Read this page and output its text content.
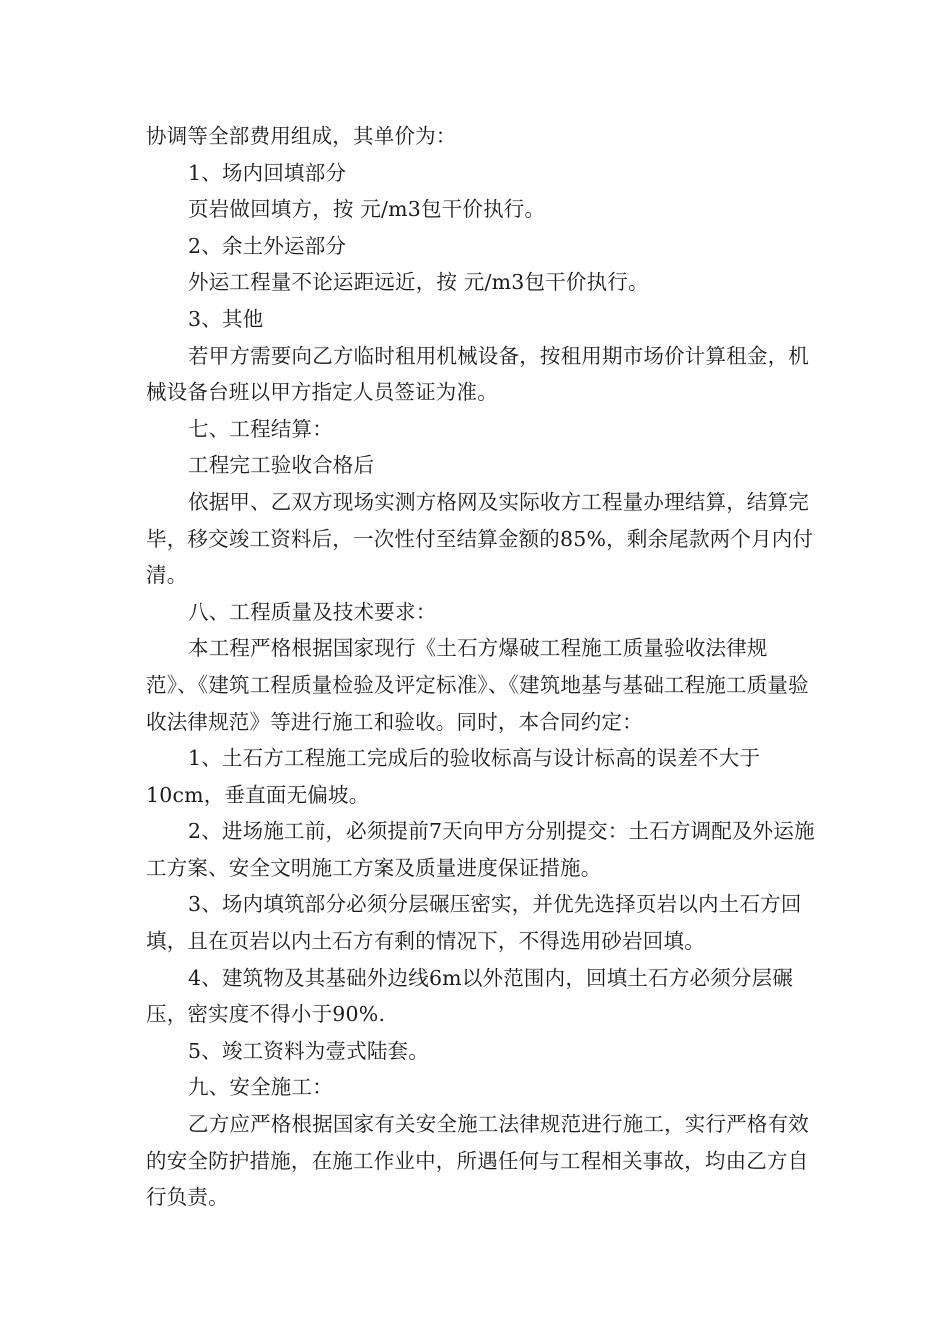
协调等全部费用组成，其单价为：

1、场内回填部分

页岩做回填方，按 元/m3包干价执行。

2、余土外运部分

外运工程量不论运距远近，按 元/m3包干价执行。

3、其他

若甲方需要向乙方临时租用机械设备，按租用期市场价计算租金，机械设备台班以甲方指定人员签证为准。

七、工程结算：

工程完工验收合格后

依据甲、乙双方现场实测方格网及实际收方工程量办理结算，结算完毕，移交竣工资料后，一次性付至结算金额的85%，剩余尾款两个月内付清。

八、工程质量及技术要求：

本工程严格根据国家现行《土石方爆破工程施工质量验收法律规范》、《建筑工程质量检验及评定标准》、《建筑地基与基础工程施工质量验收法律规范》等进行施工和验收。同时，本合同约定：

1、土石方工程施工完成后的验收标高与设计标高的误差不大于10cm，垂直面无偏坡。

2、进场施工前，必须提前7天向甲方分别提交：土石方调配及外运施工方案、安全文明施工方案及质量进度保证措施。

3、场内填筑部分必须分层碾压密实，并优先选择页岩以内土石方回填，且在页岩以内土石方有剩的情况下，不得选用砂岩回填。

4、建筑物及其基础外边线6m以外范围内，回填土石方必须分层碾压，密实度不得小于90%.

5、竣工资料为壹式陆套。

九、安全施工：

乙方应严格根据国家有关安全施工法律规范进行施工，实行严格有效的安全防护措施，在施工作业中，所遇任何与工程相关事故，均由乙方自行负责。
